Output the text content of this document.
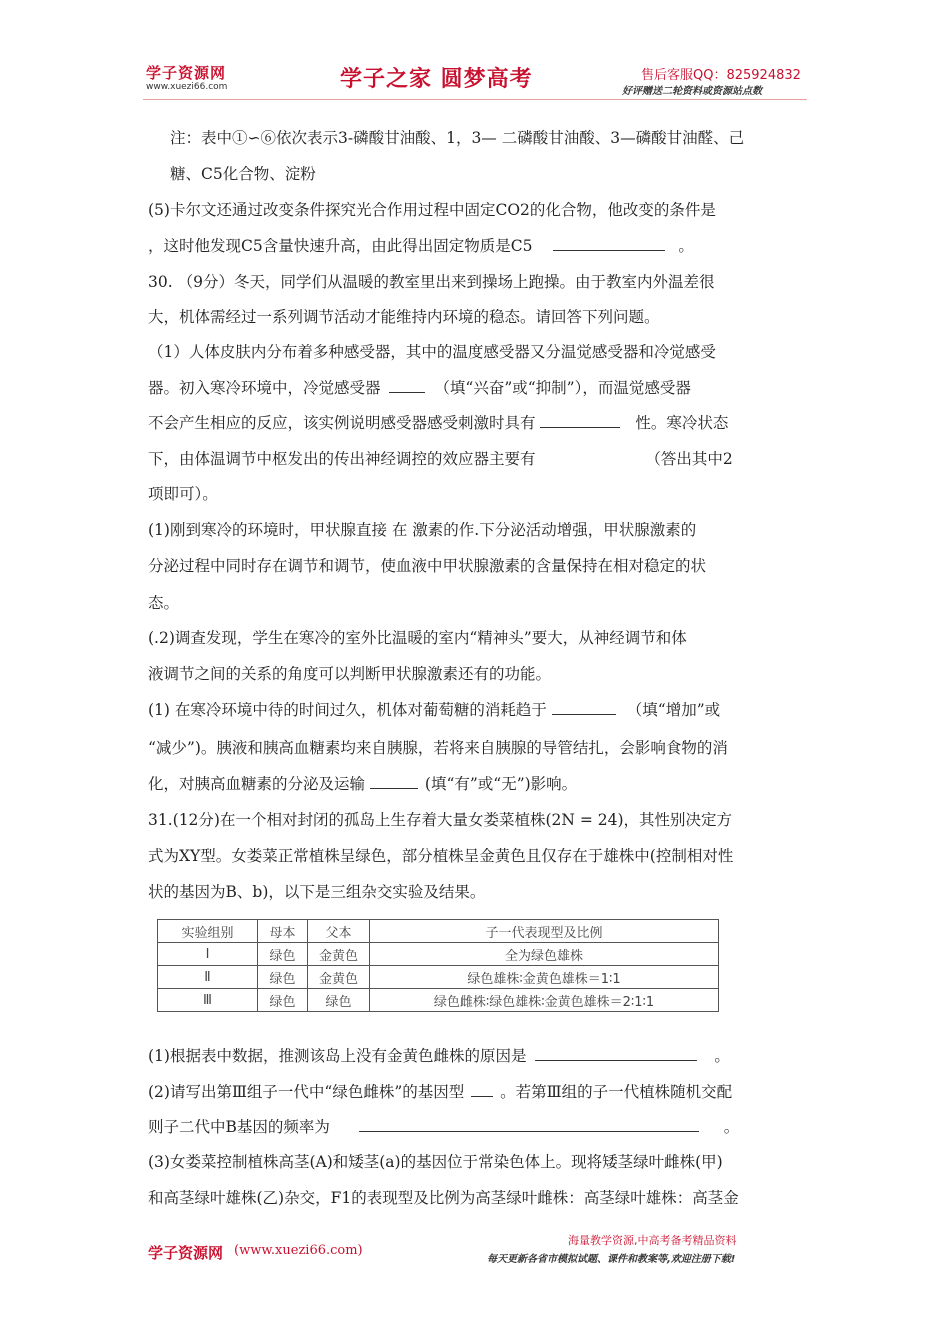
学子资源网
www.xuezi66.com	学子之家 圆梦高考	售后客服QQ：825924832
好评赠送二轮资料或资源站点数
注：表中①∽⑥依次表示3-磷酸甘油酸、1，3— 二磷酸甘油酸、3—磷酸甘油醛、己
糖、C5化合物、淀粉
(5)卡尔文还通过改变条件探究光合作用过程中固定CO2的化合物，他改变的条件是
，这时他发现C5含量快速升高，由此得出固定物质是C5	。
30. （9分）冬天，同学们从温暖的教室里出来到操场上跑操。由于教室内外温差很
大，机体需经过一系列调节活动才能维持内环境的稳态。请回答下列问题。
（1）人体皮肤内分布着多种感受器，其中的温度感受器又分温觉感受器和冷觉感受
器。初入寒冷环境中，冷觉感受器	（填“兴奋”或“抑制”），而温觉感受器
不会产生相应的反应，该实例说明感受器感受刺激时具有	性。寒冷状态
下，由体温调节中枢发出的传出神经调控的效应器主要有	（答出其中2
项即可）。
(1)刚到寒冷的环境时，甲状腺直接 在 激素的作.下分泌活动增强，甲状腺激素的
分泌过程中同时存在调节和调节，使血液中甲状腺激素的含量保持在相对稳定的状
态。
(.2)调查发现，学生在寒冷的室外比温暖的室内“精神头”要大，从神经调节和体
液调节之间的关系的角度可以判断甲状腺激素还有的功能。
(1) 在寒冷环境中待的时间过久，机体对葡萄糖的消耗趋于	（填“增加”或
“减少”)。胰液和胰高血糖素均来自胰腺，若将来自胰腺的导管结扎，会影响食物的消
化，对胰高血糖素的分泌及运输	(填“有”或“无”)影响。
31.(12分)在一个相对封闭的孤岛上生存着大量女娄菜植株(2N = 24)，其性别决定方
式为XY型。女娄菜正常植株呈绿色，部分植株呈金黄色且仅存在于雄株中(控制相对性
状的基因为B、b)，以下是三组杂交实验及结果。
实验组别	母本	父本	子一代表现型及比例
Ⅰ	绿色	金黄色	全为绿色雄株
Ⅱ	绿色	金黄色	绿色雄株∶金黄色雄株＝1∶1
Ⅲ	绿色	绿色	绿色雌株∶绿色雄株∶金黄色雄株＝2∶1∶1
(1)根据表中数据，推测该岛上没有金黄色雌株的原因是	。
(2)请写出第Ⅲ组子一代中“绿色雌株”的基因型 。若第Ⅲ组的子一代植株随机交配
则子二代中B基因的频率为	。
(3)女娄菜控制植株高茎(A)和矮茎(a)的基因位于常染色体上。现将矮茎绿叶雌株(甲)
和高茎绿叶雄株(乙)杂交，F1的表现型及比例为高茎绿叶雌株：高茎绿叶雄株：高茎金
学子资源网 (www.xuezi66.com)
海量教学资源,中高考备考精品资料
每天更新各省市模拟试题、课件和教案等,欢迎注册下载!
